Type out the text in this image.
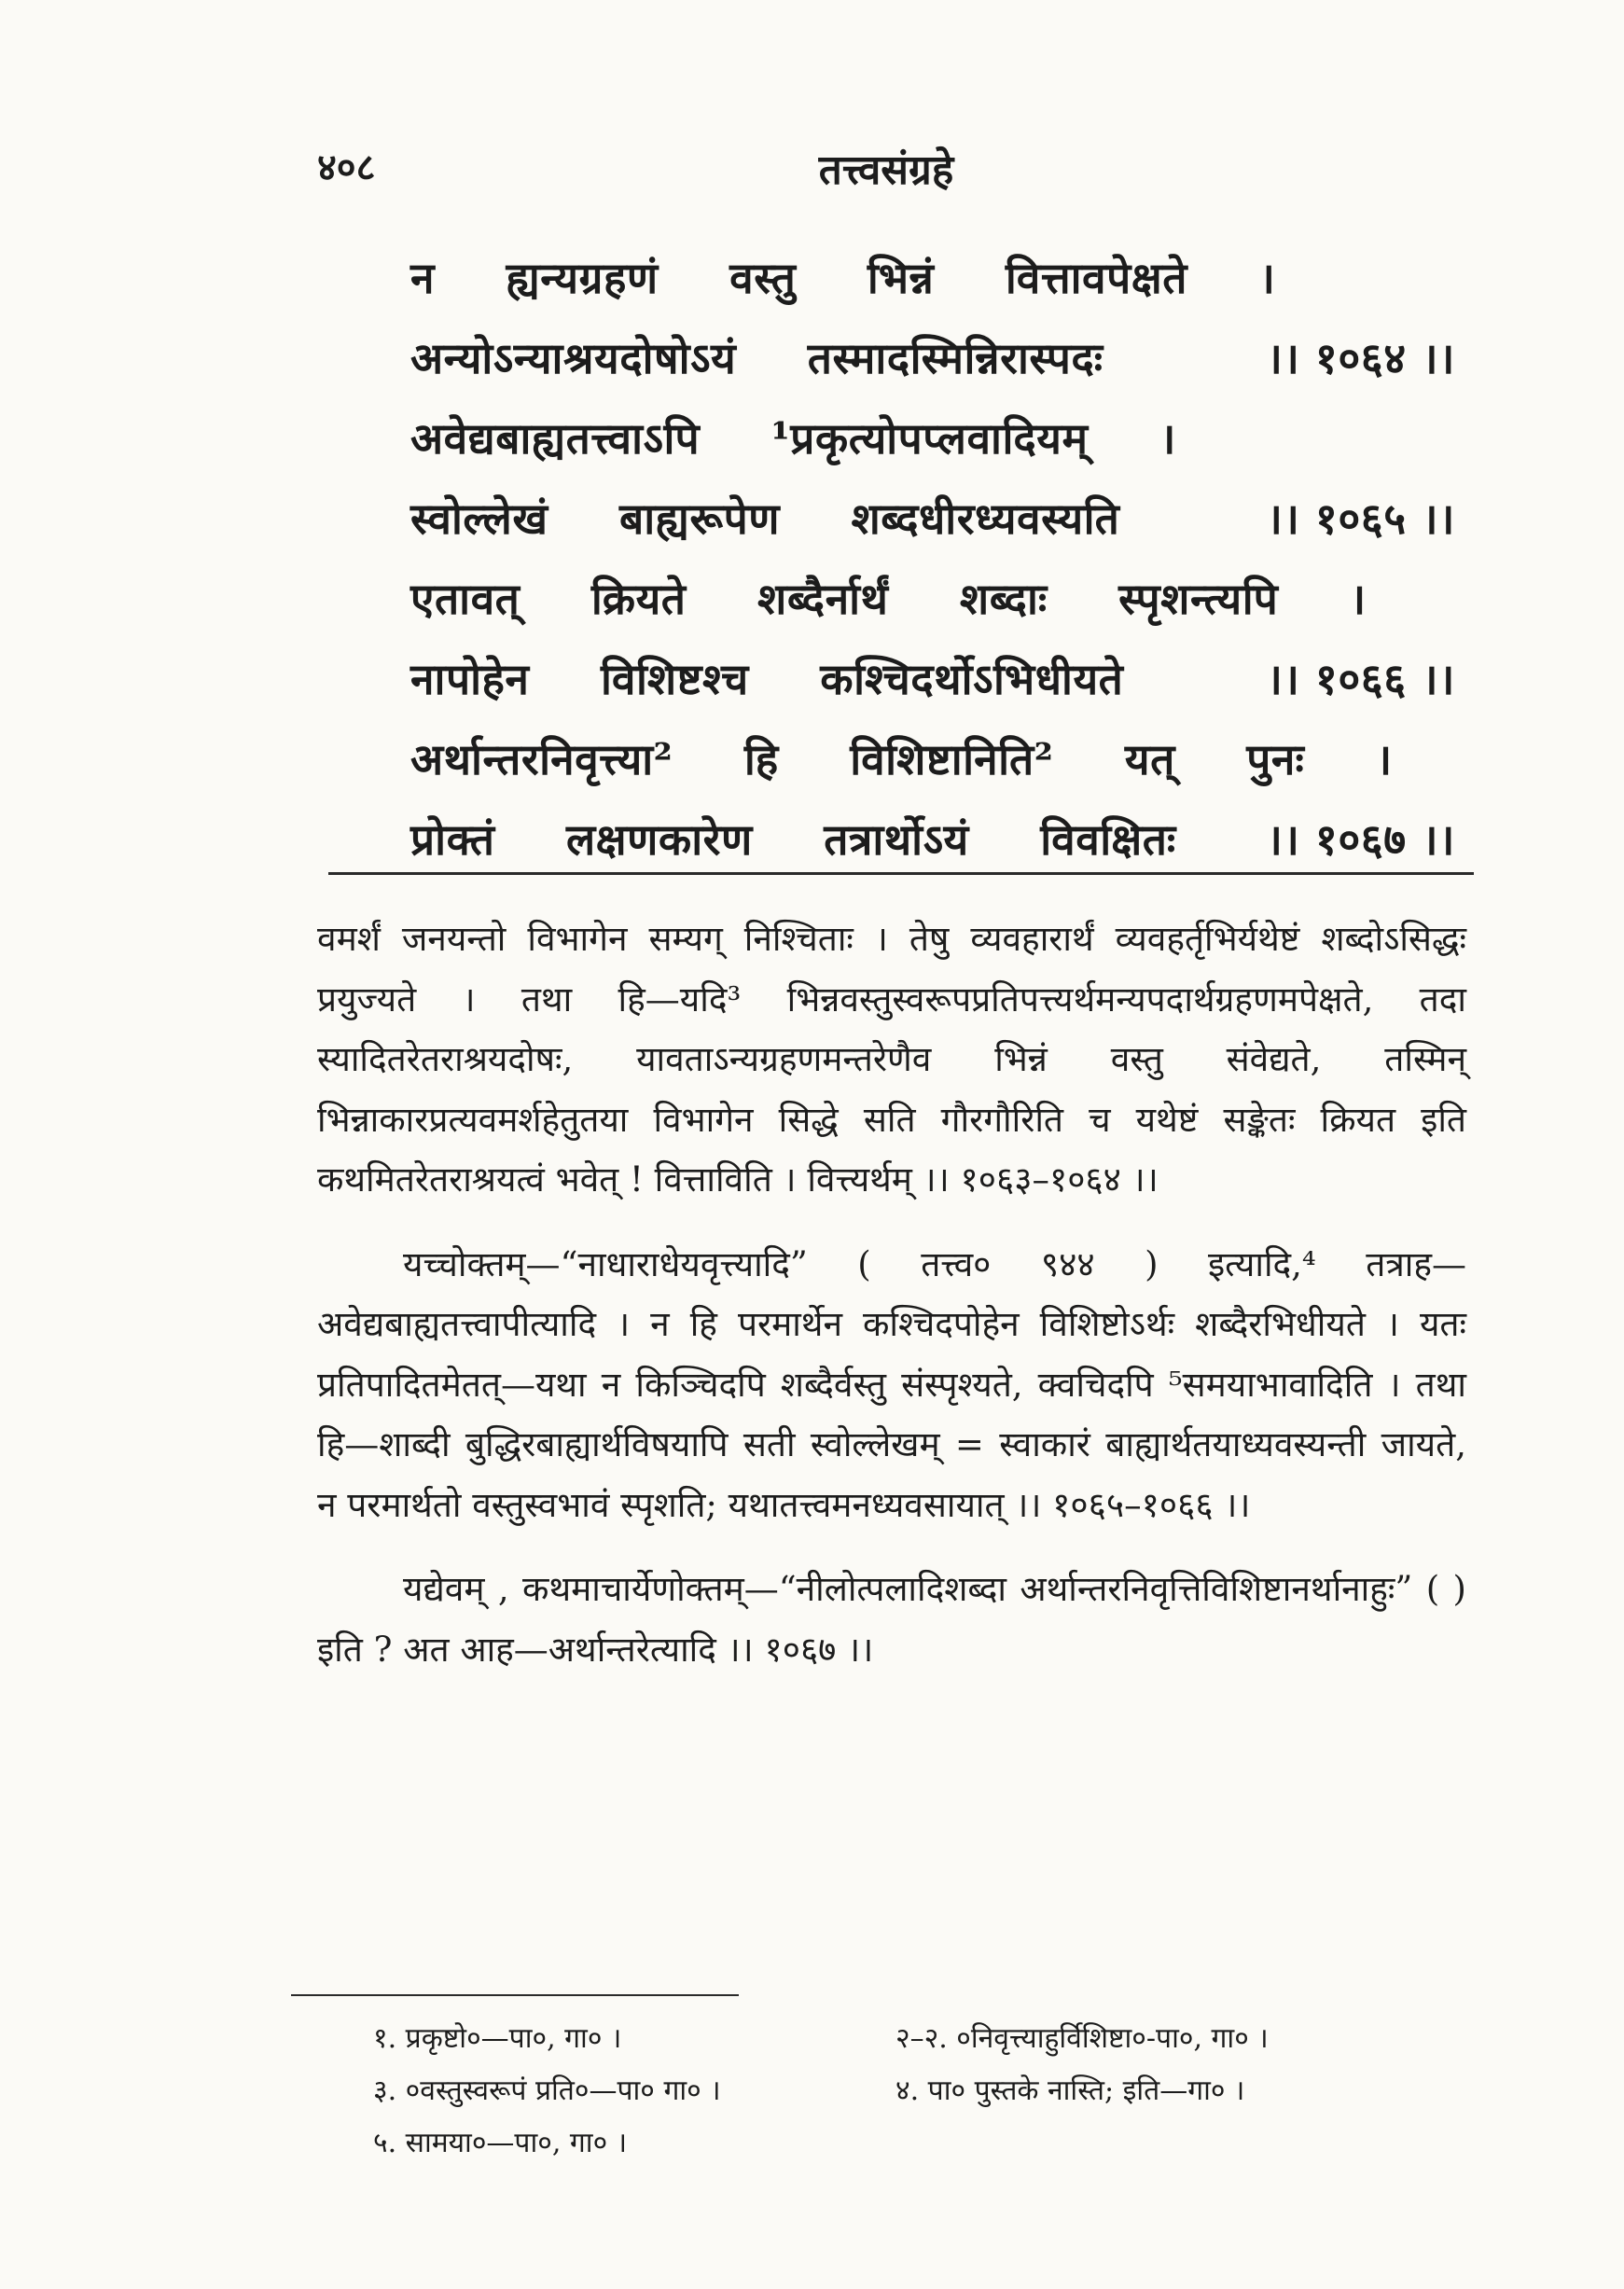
४०८	तत्त्वसंग्रहे
न ह्यन्यग्रहणं वस्तु भिन्नं वित्तावपेक्षते ।
अन्योऽन्याश्रयदोषोऽयं तस्मादस्मिन्निरास्पदः	।। १०६४ ।।
अवेद्यबाह्यतत्त्वाऽपि ¹प्रकृत्योपप्लवादियम् ।
स्वोल्लेखं बाह्यरूपेण शब्दधीरध्यवस्यति	।। १०६५ ।।
एतावत् क्रियते शब्दैर्नार्थं शब्दाः स्पृशन्त्यपि ।
नापोहेन विशिष्टश्च कश्चिदर्थोऽभिधीयते	।। १०६६ ।।
अर्थान्तरनिवृत्त्या² हि विशिष्टानिति² यत् पुनः ।
प्रोक्तं लक्षणकारेण तत्रार्थोऽयं विवक्षितः ।। १०६७ ।।

वमर्शं जनयन्तो विभागेन सम्यग् निश्चिताः । तेषु व्यवहारार्थं व्यवहर्तृभिर्यथेष्टं शब्दोऽसिद्धः प्रयुज्यते । तथा हि—यदि³ भिन्नवस्तुस्वरूपप्रतिपत्त्यर्थमन्यपदार्थग्रहणमपेक्षते, तदा स्यादितरेतराश्रयदोषः, यावताऽन्यग्रहणमन्तरेणैव भिन्नं वस्तु संवेद्यते, तस्मिन् भिन्नाकारप्रत्यवमर्शहेतुतया विभागेन सिद्धे सति गौरगौरिति च यथेष्टं सङ्केतः क्रियत इति कथमितरेतराश्रयत्वं भवेत् ! वित्ताविति । वित्त्यर्थम् ।। १०६३–१०६४ ।।

यच्चोक्तम्—“नाधाराधेयवृत्त्यादि” ( तत्त्व० ९४४ ) इत्यादि,⁴ तत्राह—अवेद्यबाह्यतत्त्वापीत्यादि । न हि परमार्थेन कश्चिदपोहेन विशिष्टोऽर्थः शब्दैरभिधीयते । यतः प्रतिपादितमेतत्—यथा न किञ्चिदपि शब्दैर्वस्तु संस्पृश्यते, क्वचिदपि ⁵समयाभावादिति । तथा हि—शाब्दी बुद्धिरबाह्यार्थविषयापि सती स्वोल्लेखम् = स्वाकारं बाह्यार्थतयाध्यवस्यन्ती जायते, न परमार्थतो वस्तुस्वभावं स्पृशति; यथातत्त्वमनध्यवसायात् ।। १०६५–१०६६ ।।

यद्येवम् , कथमाचार्येणोक्तम्—“नीलोत्पलादिशब्दा अर्थान्तरनिवृत्तिविशिष्टानर्थानाहुः” ( ) इति ? अत आह—अर्थान्तरेत्यादि ।। १०६७ ।।

१. प्रकृष्टो०—पा०, गा० ।	२–२. ०निवृत्त्याहुर्विशिष्टा०-पा०, गा० ।
३. ०वस्तुस्वरूपं प्रति०—पा० गा० ।	४. पा० पुस्तके नास्ति; इति—गा० ।
५. सामया०—पा०, गा० ।
